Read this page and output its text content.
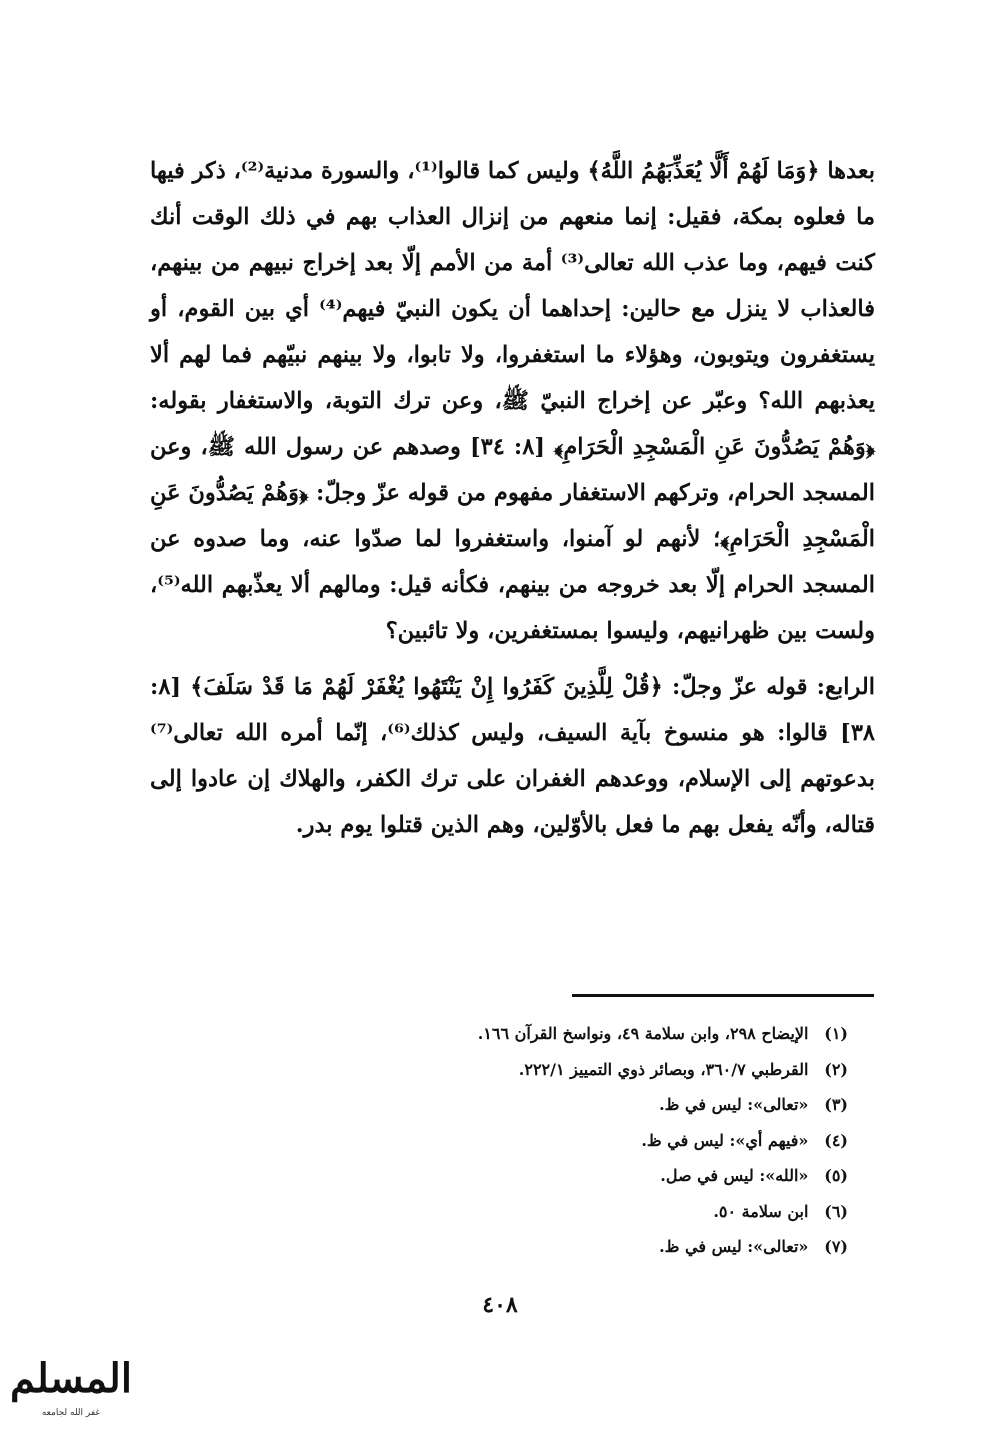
بعدها ﴿وَمَا لَهُمْ أَلَّا يُعَذِّبَهُمُ اللَّهُ﴾ وليس كما قالوا⁽¹⁾، والسورة مدنية⁽²⁾، ذكر فيها ما فعلوه بمكة، فقيل: إنما منعهم من إنزال العذاب بهم في ذلك الوقت أنك كنت فيهم، وما عذب الله تعالى⁽³⁾ أمة من الأمم إلّا بعد إخراج نبيهم من بينهم، فالعذاب لا ينزل مع حالين: إحداهما أن يكون النبيّ فيهم⁽⁴⁾ أي بين القوم، أو يستغفرون ويتوبون، وهؤلاء ما استغفروا، ولا تابوا، ولا بينهم نبيّهم فما لهم ألا يعذبهم الله؟ وعبّر عن إخراج النبيّ ﷺ، وعن ترك التوبة، والاستغفار بقوله: ﴿وَهُمْ يَصُدُّونَ عَنِ الْمَسْجِدِ الْحَرَامِ﴾ [٨: ٣٤] وصدهم عن رسول الله ﷺ، وعن المسجد الحرام، وتركهم الاستغفار مفهوم من قوله عزّ وجلّ: ﴿وَهُمْ يَصُدُّونَ عَنِ الْمَسْجِدِ الْحَرَامِ﴾؛ لأنهم لو آمنوا، واستغفروا لما صدّوا عنه، وما صدوه عن المسجد الحرام إلّا بعد خروجه من بينهم، فكأنه قيل: ومالهم ألا يعذّبهم الله⁽⁵⁾، ولست بين ظهرانيهم، وليسوا بمستغفرين، ولا تائبين؟

الرابع: قوله عزّ وجلّ: ﴿قُلْ لِلَّذِينَ كَفَرُوا إِنْ يَنْتَهُوا يُغْفَرْ لَهُمْ مَا قَدْ سَلَفَ﴾ [٨: ٣٨] قالوا: هو منسوخ بآية السيف، وليس كذلك⁽⁶⁾، إنّما أمره الله تعالى⁽⁷⁾ بدعوتهم إلى الإسلام، ووعدهم الغفران على ترك الكفر، والهلاك إن عادوا إلى قتاله، وأنّه يفعل بهم ما فعل بالأوّلين، وهم الذين قتلوا يوم بدر.

(١) الإيضاح ٢٩٨، وابن سلامة ٤٩، ونواسخ القرآن ١٦٦.
(٢) القرطبي ٣٦٠/٧، وبصائر ذوي التمييز ٢٢٢/١.
(٣) «تعالى»: ليس في ظ.
(٤) «فيهم أي»: ليس في ظ.
(٥) «الله»: ليس في صل.
(٦) ابن سلامة ٥٠.
(٧) «تعالى»: ليس في ظ.
٤٠٨
المسلم
غفر الله لجامعه
